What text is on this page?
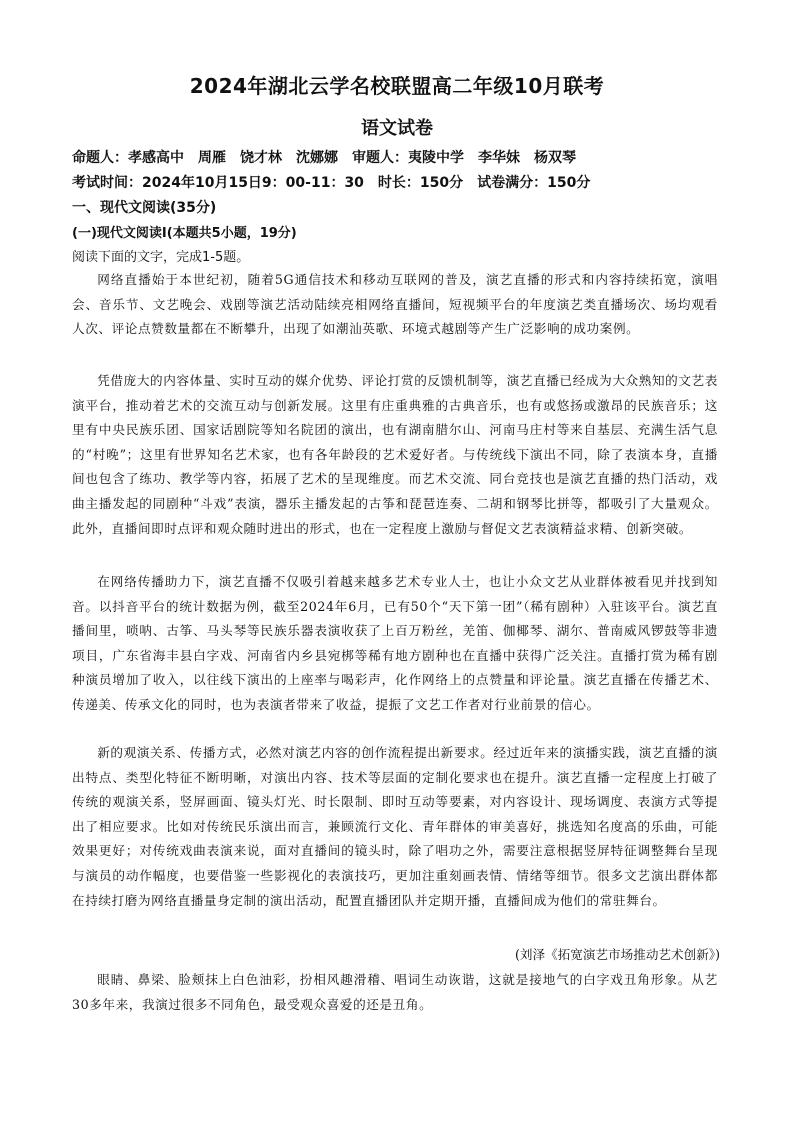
2024年湖北云学名校联盟高二年级10月联考
语文试卷
命题人：孝感高中　周雁　饶才林　沈娜娜　审题人：夷陵中学　李华妹　杨双琴
考试时间：2024年10月15日9：00-11：30　时长：150分　试卷满分：150分
一、现代文阅读(35分)
(一)现代文阅读Ⅰ(本题共5小题，19分)
阅读下面的文字，完成1-5题。

网络直播始于本世纪初，随着5G通信技术和移动互联网的普及，演艺直播的形式和内容持续拓宽，演唱会、音乐节、文艺晚会、戏剧等演艺活动陆续亮相网络直播间，短视频平台的年度演艺类直播场次、场均观看人次、评论点赞数量都在不断攀升，出现了如潮汕英歌、环境式越剧等产生广泛影响的成功案例。

凭借庞大的内容体量、实时互动的媒介优势、评论打赏的反馈机制等，演艺直播已经成为大众熟知的文艺表演平台，推动着艺术的交流互动与创新发展。这里有庄重典雅的古典音乐，也有或悠扬或激昂的民族音乐；这里有中央民族乐团、国家话剧院等知名院团的演出，也有湖南腊尔山、河南马庄村等来自基层、充满生活气息的“村晚”；这里有世界知名艺术家，也有各年龄段的艺术爱好者。与传统线下演出不同，除了表演本身，直播间也包含了练功、教学等内容，拓展了艺术的呈现维度。而艺术交流、同台竞技也是演艺直播的热门活动，戏曲主播发起的同剧种“斗戏”表演，器乐主播发起的古筝和琵琶连奏、二胡和钢琴比拼等，都吸引了大量观众。此外，直播间即时点评和观众随时进出的形式，也在一定程度上激励与督促文艺表演精益求精、创新突破。

在网络传播助力下，演艺直播不仅吸引着越来越多艺术专业人士，也让小众文艺从业群体被看见并找到知音。以抖音平台的统计数据为例，截至2024年6月，已有50个“天下第一团”（稀有剧种）入驻该平台。演艺直播间里，唢呐、古筝、马头琴等民族乐器表演收获了上百万粉丝，羌笛、伽椰琴、湖尔、普南威风锣鼓等非遗项目，广东省海丰县白字戏、河南省内乡县宛梆等稀有地方剧种也在直播中获得广泛关注。直播打赏为稀有剧种演员增加了收入，以往线下演出的上座率与喝彩声，化作网络上的点赞量和评论量。演艺直播在传播艺术、传递美、传承文化的同时，也为表演者带来了收益，提振了文艺工作者对行业前景的信心。

新的观演关系、传播方式，必然对演艺内容的创作流程提出新要求。经过近年来的演播实践，演艺直播的演出特点、类型化特征不断明晰，对演出内容、技术等层面的定制化要求也在提升。演艺直播一定程度上打破了传统的观演关系，竖屏画面、镜头灯光、时长限制、即时互动等要素，对内容设计、现场调度、表演方式等提出了相应要求。比如对传统民乐演出而言，兼顾流行文化、青年群体的审美喜好，挑选知名度高的乐曲，可能效果更好；对传统戏曲表演来说，面对直播间的镜头时，除了唱功之外，需要注意根据竖屏特征调整舞台呈现与演员的动作幅度，也要借鉴一些影视化的表演技巧，更加注重刻画表情、情绪等细节。很多文艺演出群体都在持续打磨为网络直播量身定制的演出活动，配置直播团队并定期开播，直播间成为他们的常驻舞台。

(刘泽《拓宽演艺市场推动艺术创新》)

眼睛、鼻梁、脸颊抹上白色油彩，扮相风趣滑稽、唱词生动诙谐，这就是接地气的白字戏丑角形象。从艺30多年来，我演过很多不同角色，最受观众喜爱的还是丑角。
